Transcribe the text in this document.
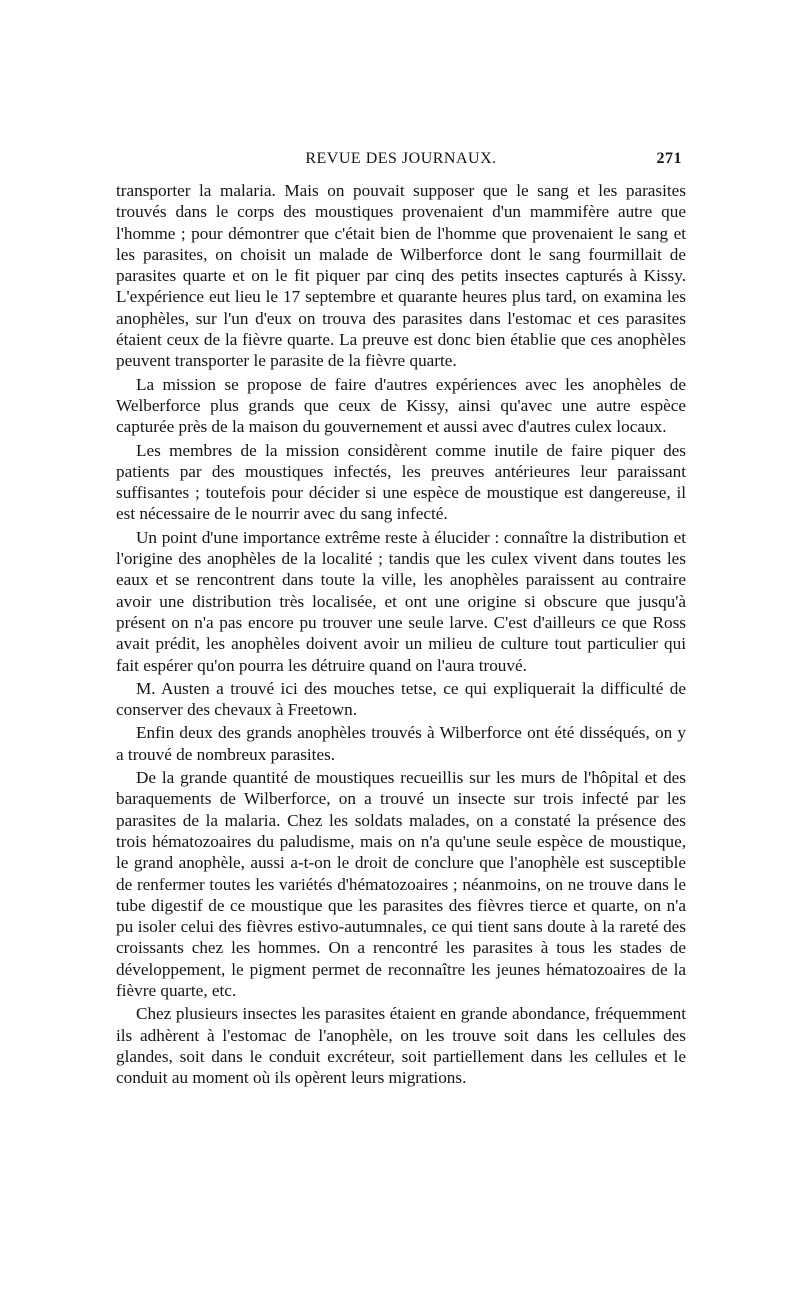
REVUE DES JOURNAUX.	271

transporter la malaria. Mais on pouvait supposer que le sang et les parasites trouvés dans le corps des moustiques provenaient d'un mammifère autre que l'homme ; pour démontrer que c'était bien de l'homme que provenaient le sang et les parasites, on choisit un malade de Wilberforce dont le sang fourmillait de parasites quarte et on le fit piquer par cinq des petits insectes capturés à Kissy. L'expérience eut lieu le 17 septembre et quarante heures plus tard, on examina les anophèles, sur l'un d'eux on trouva des parasites dans l'estomac et ces parasites étaient ceux de la fièvre quarte. La preuve est donc bien établie que ces anophèles peuvent transporter le parasite de la fièvre quarte.

La mission se propose de faire d'autres expériences avec les anophèles de Welberforce plus grands que ceux de Kissy, ainsi qu'avec une autre espèce capturée près de la maison du gouvernement et aussi avec d'autres culex locaux.

Les membres de la mission considèrent comme inutile de faire piquer des patients par des moustiques infectés, les preuves antérieures leur paraissant suffisantes ; toutefois pour décider si une espèce de moustique est dangereuse, il est nécessaire de le nourrir avec du sang infecté.

Un point d'une importance extrême reste à élucider : connaître la distribution et l'origine des anophèles de la localité ; tandis que les culex vivent dans toutes les eaux et se rencontrent dans toute la ville, les anophèles paraissent au contraire avoir une distribution très localisée, et ont une origine si obscure que jusqu'à présent on n'a pas encore pu trouver une seule larve. C'est d'ailleurs ce que Ross avait prédit, les anophèles doivent avoir un milieu de culture tout particulier qui fait espérer qu'on pourra les détruire quand on l'aura trouvé.

M. Austen a trouvé ici des mouches tetse, ce qui expliquerait la difficulté de conserver des chevaux à Freetown.

Enfin deux des grands anophèles trouvés à Wilberforce ont été disséqués, on y a trouvé de nombreux parasites.

De la grande quantité de moustiques recueillis sur les murs de l'hôpital et des baraquements de Wilberforce, on a trouvé un insecte sur trois infecté par les parasites de la malaria. Chez les soldats malades, on a constaté la présence des trois hématozoaires du paludisme, mais on n'a qu'une seule espèce de moustique, le grand anophèle, aussi a-t-on le droit de conclure que l'anophèle est susceptible de renfermer toutes les variétés d'hématozoaires ; néanmoins, on ne trouve dans le tube digestif de ce moustique que les parasites des fièvres tierce et quarte, on n'a pu isoler celui des fièvres estivo-autumnales, ce qui tient sans doute à la rareté des croissants chez les hommes. On a rencontré les parasites à tous les stades de développement, le pigment permet de reconnaître les jeunes hématozoaires de la fièvre quarte, etc.

Chez plusieurs insectes les parasites étaient en grande abondance, fréquemment ils adhèrent à l'estomac de l'anophèle, on les trouve soit dans les cellules des glandes, soit dans le conduit excréteur, soit partiellement dans les cellules et le conduit au moment où ils opèrent leurs migrations.
